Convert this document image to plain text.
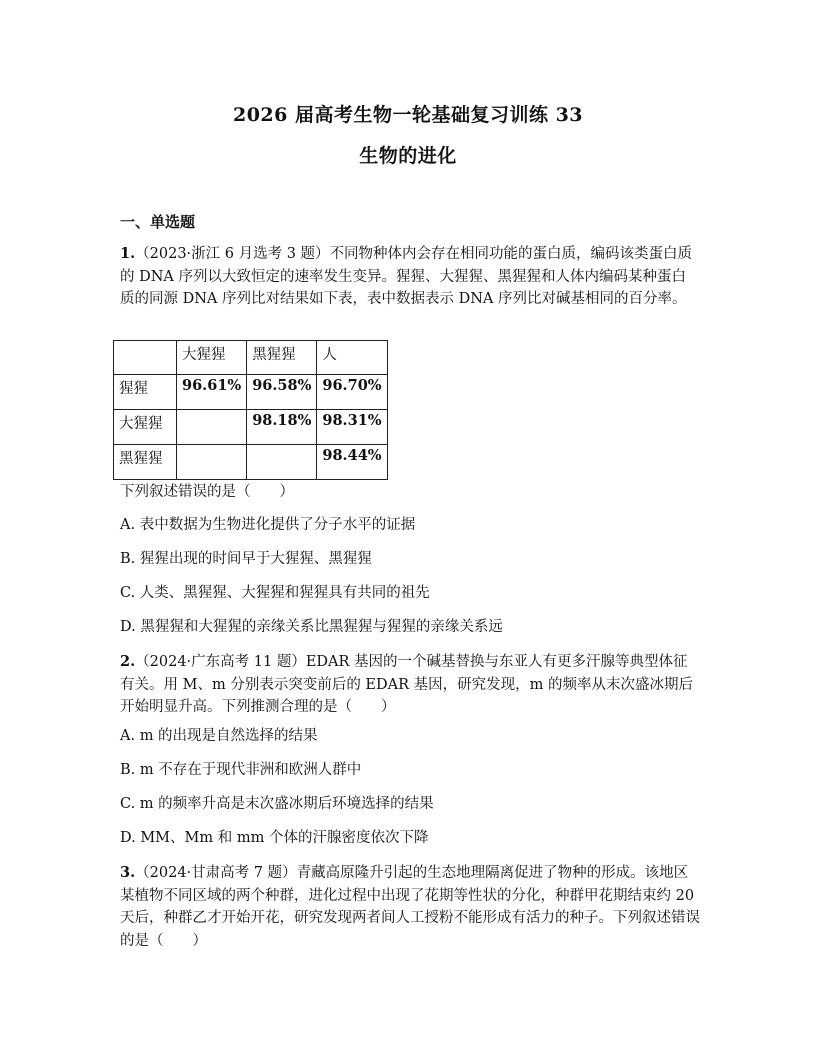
2026 届高考生物一轮基础复习训练 33
生物的进化
一、单选题
1.（2023·浙江 6 月选考 3 题）不同物种体内会存在相同功能的蛋白质，编码该类蛋白质的 DNA 序列以大致恒定的速率发生变异。猩猩、大猩猩、黑猩猩和人体内编码某种蛋白质的同源 DNA 序列比对结果如下表，表中数据表示 DNA 序列比对碱基相同的百分率。
	大猩猩	黑猩猩	人
猩猩	96.61%	96.58%	96.70%
大猩猩		98.18%	98.31%
黑猩猩			98.44%
下列叙述错误的是（　　）
A. 表中数据为生物进化提供了分子水平的证据
B. 猩猩出现的时间早于大猩猩、黑猩猩
C. 人类、黑猩猩、大猩猩和猩猩具有共同的祖先
D. 黑猩猩和大猩猩的亲缘关系比黑猩猩与猩猩的亲缘关系远
2.（2024·广东高考 11 题）EDAR 基因的一个碱基替换与东亚人有更多汗腺等典型体征有关。用 M、m 分别表示突变前后的 EDAR 基因，研究发现，m 的频率从末次盛冰期后开始明显升高。下列推测合理的是（　　）
A. m 的出现是自然选择的结果
B. m 不存在于现代非洲和欧洲人群中
C. m 的频率升高是末次盛冰期后环境选择的结果
D. MM、Mm 和 mm 个体的汗腺密度依次下降
3.（2024·甘肃高考 7 题）青藏高原隆升引起的生态地理隔离促进了物种的形成。该地区某植物不同区域的两个种群，进化过程中出现了花期等性状的分化，种群甲花期结束约 20 天后，种群乙才开始开花，研究发现两者间人工授粉不能形成有活力的种子。下列叙述错误的是（　　）
